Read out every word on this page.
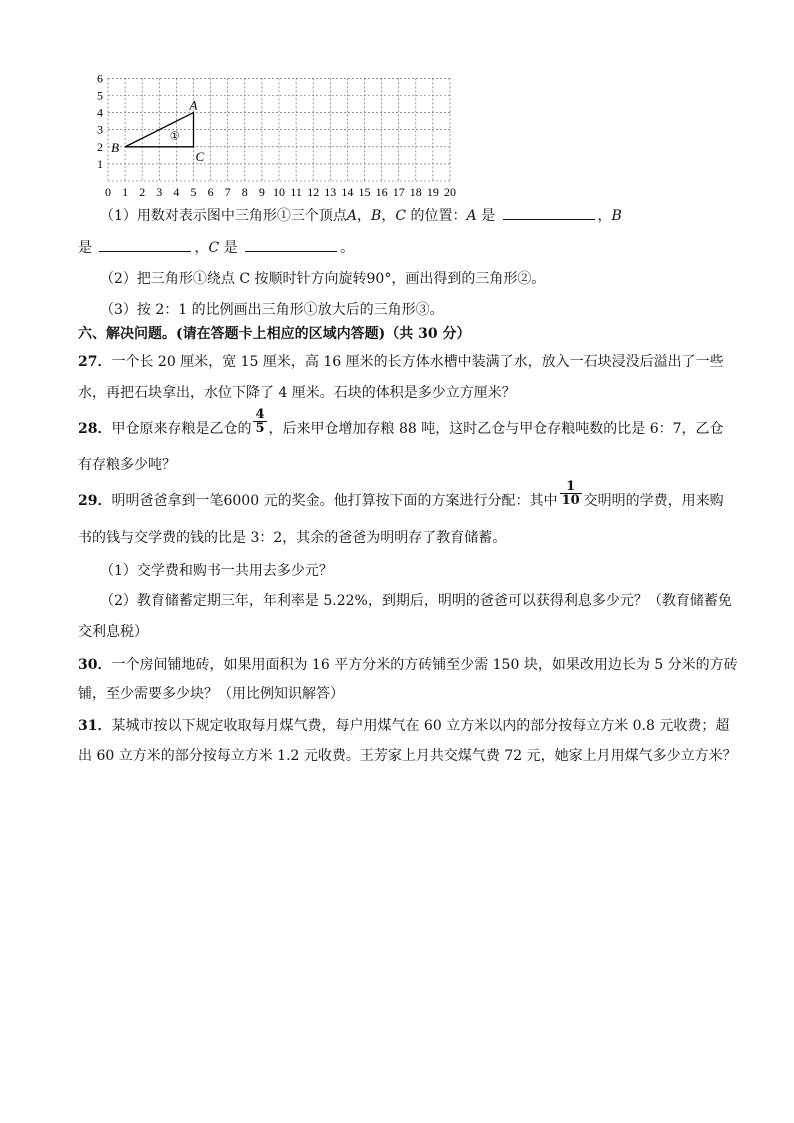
0 1 2 3 4 5 6 7 8 9 10 11 12 13 14 15 16 17 18 19 20
6
5
4
3
2
1
A
B
C
①
（1）用数对表示图中三角形①三个顶点A，B，C 的位置：A 是	，B
是	，C 是	。
（2）把三角形①绕点 C 按顺时针方向旋转90°，画出得到的三角形②。
（3）按 2：1 的比例画出三角形①放大后的三角形③。
六、解决问题。(请在答题卡上相应的区域内答题)（共 30 分）
27．一个长 20 厘米，宽 15 厘米，高 16 厘米的长方体水槽中装满了水，放入一石块浸没后溢出了一些
水，再把石块拿出，水位下降了 4 厘米。石块的体积是多少立方厘米？
28．甲仓原来存粮是乙仓的 $\frac{4}{5}$ ，后来甲仓增加存粮 88 吨，这时乙仓与甲仓存粮吨数的比是 6：7，乙仓
有存粮多少吨？
29．明明爸爸拿到一笔6000 元的奖金。他打算按下面的方案进行分配：其中 $\frac{1}{10}$ 交明明的学费，用来购
书的钱与交学费的钱的比是 3：2，其余的爸爸为明明存了教育储蓄。
（1）交学费和购书一共用去多少元？
（2）教育储蓄定期三年，年利率是 5.22%，到期后，明明的爸爸可以获得利息多少元？（教育储蓄免
交利息税）
30．一个房间铺地砖，如果用面积为 16 平方分米的方砖铺至少需 150 块，如果改用边长为 5 分米的方砖
铺，至少需要多少块？（用比例知识解答）
31．某城市按以下规定收取每月煤气费，每户用煤气在 60 立方米以内的部分按每立方米 0.8 元收费；超
出 60 立方米的部分按每立方米 1.2 元收费。王芳家上月共交煤气费 72 元，她家上月用煤气多少立方米？
